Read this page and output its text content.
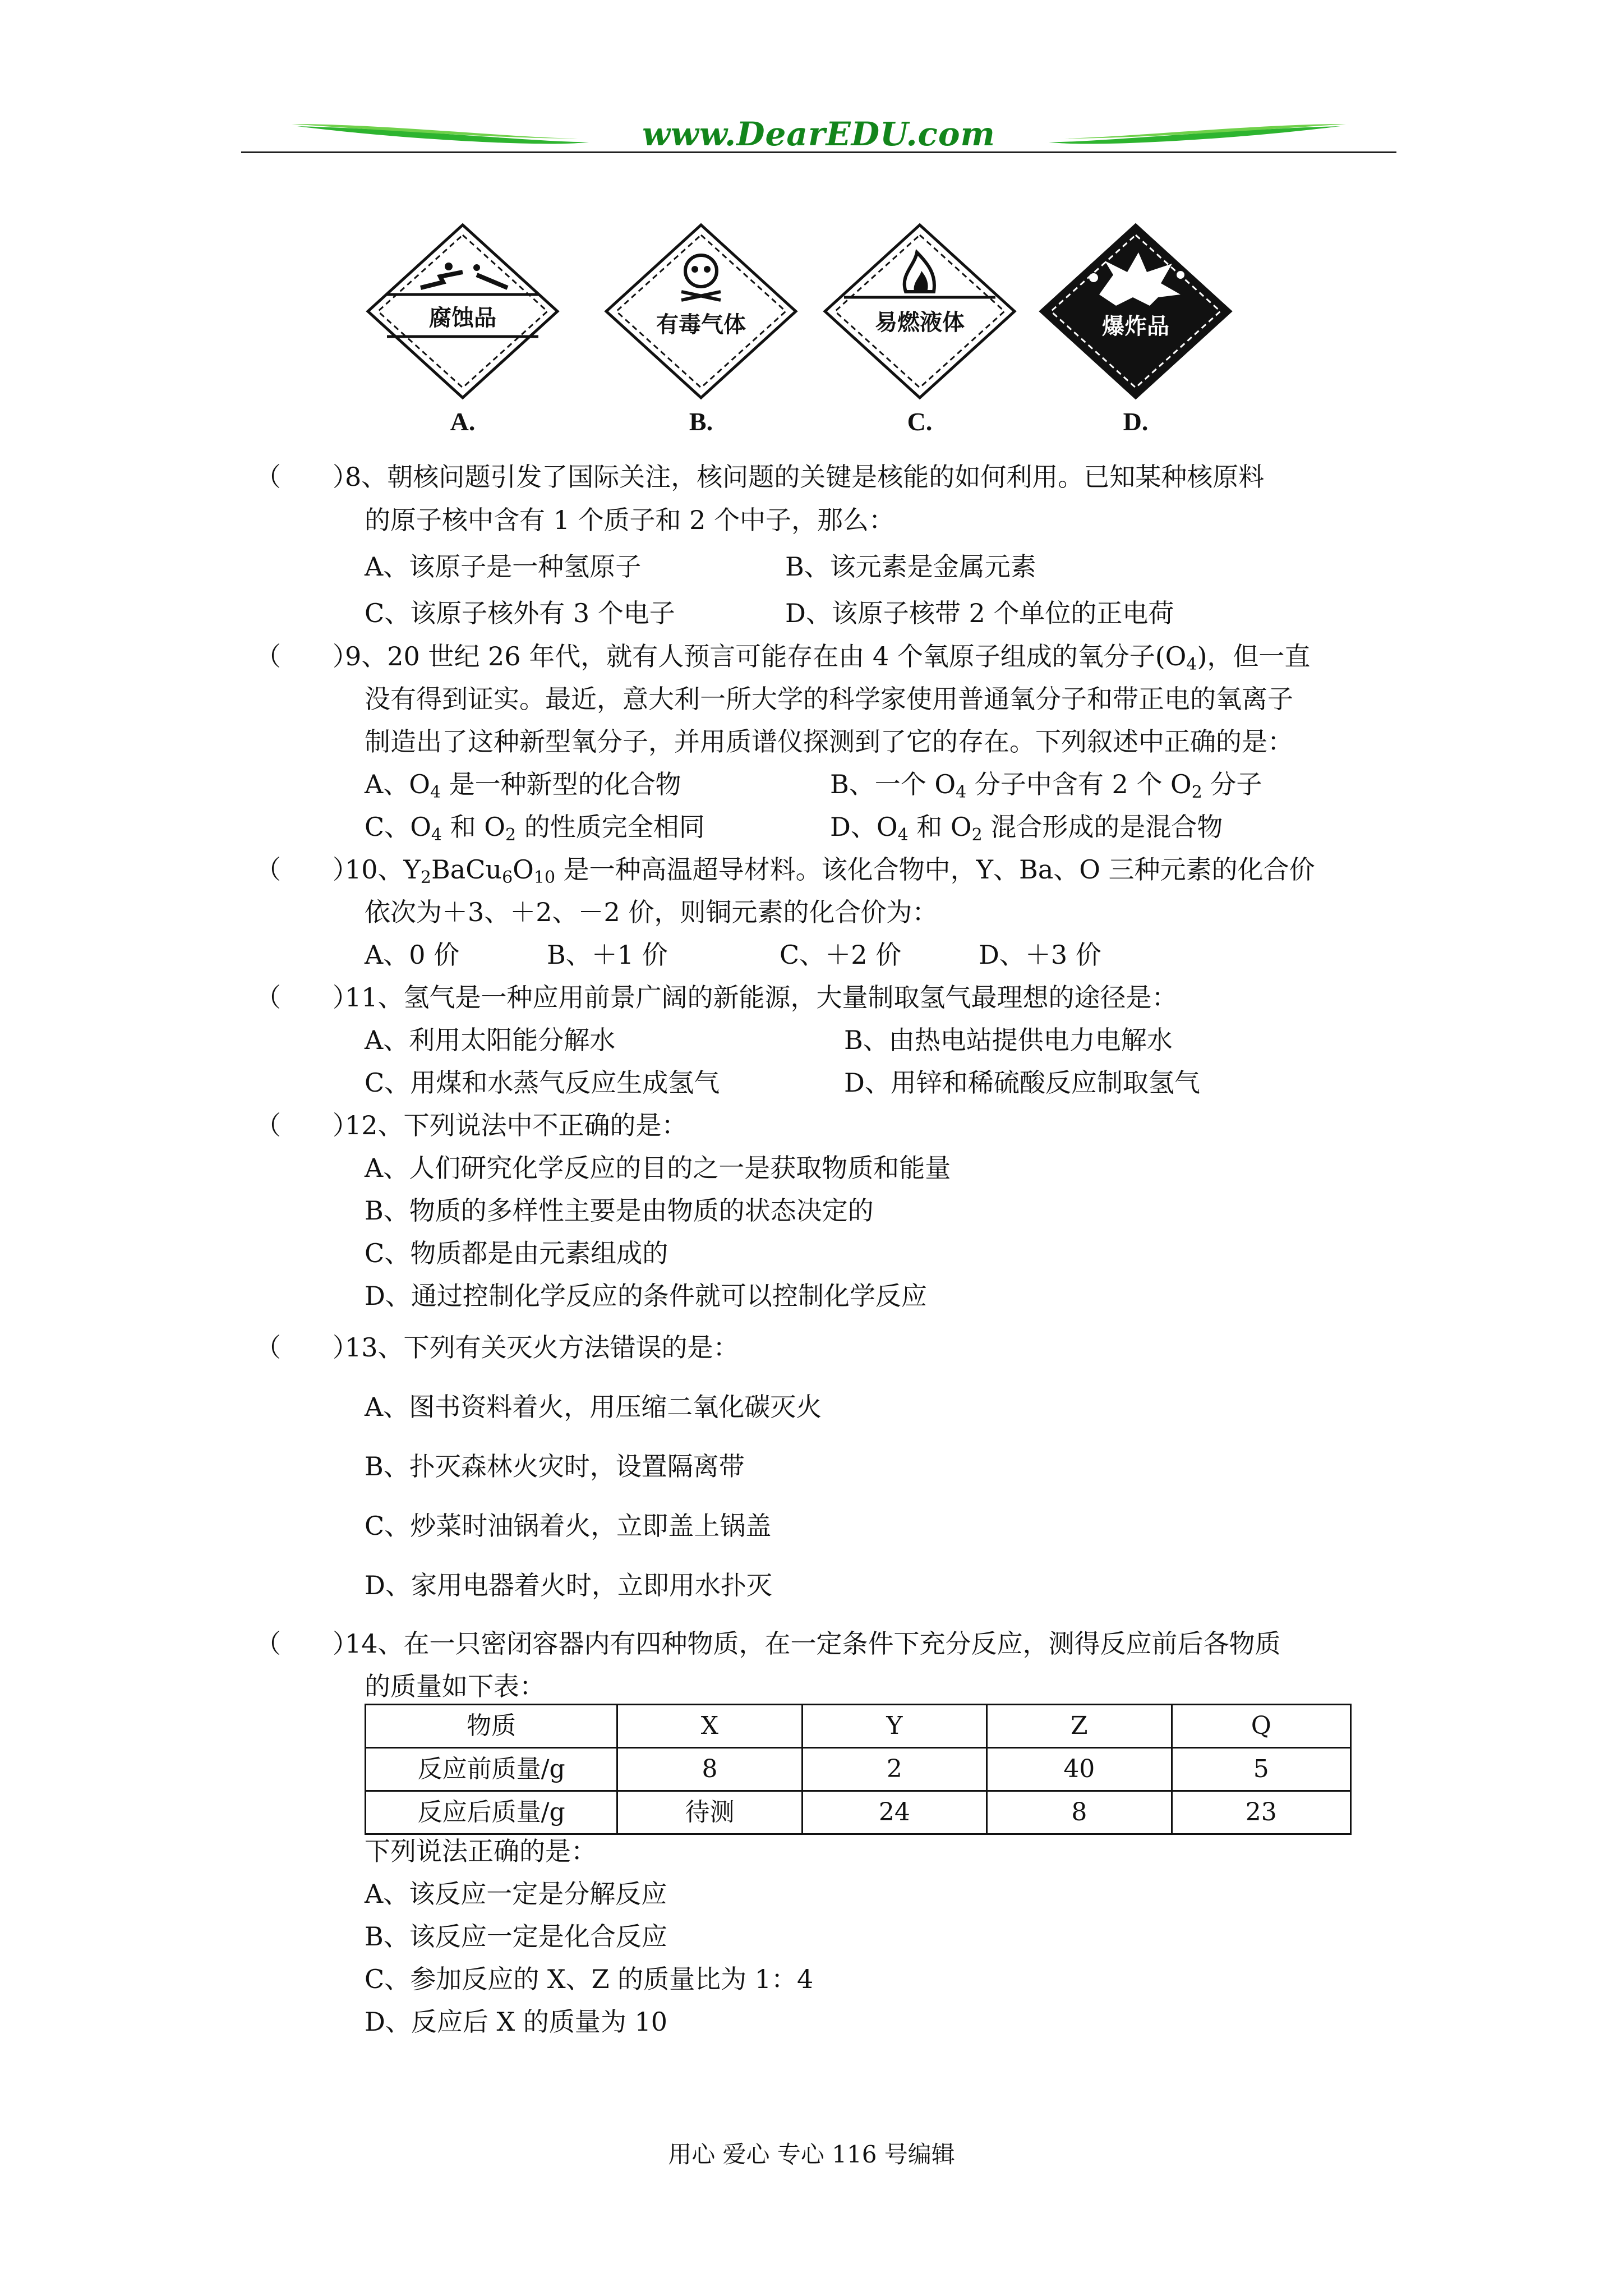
www.DearEDU.com
腐蚀品
A.
有毒气体
B.
易燃液体
C.
爆炸品
D.
（　　）
8、朝核问题引发了国际关注，核问题的关键是核能的如何利用。已知某种核原料
的原子核中含有 1 个质子和 2 个中子，那么：
A、该原子是一种氢原子	B、该元素是金属元素
C、该原子核外有 3 个电子	D、该原子核带 2 个单位的正电荷
（　　）
9、20 世纪 26 年代，就有人预言可能存在由 4 个氧原子组成的氧分子$(O_4)$，但一直
没有得到证实。最近，意大利一所大学的科学家使用普通氧分子和带正电的氧离子
制造出了这种新型氧分子，并用质谱仪探测到了它的存在。下列叙述中正确的是：
A、$O_4$ 是一种新型的化合物	B、一个 $O_4$ 分子中含有 2 个 $O_2$ 分子
C、$O_4$ 和 $O_2$ 的性质完全相同	D、$O_4$ 和 $O_2$ 混合形成的是混合物
（　　）
10、$Y_2BaCu_6O_{10}$ 是一种高温超导材料。该化合物中，Y、Ba、O 三种元素的化合价
依次为＋3、＋2、－2 价，则铜元素的化合价为：
A、0 价	B、＋1 价	C、＋2 价	D、＋3 价
（　　）
11、氢气是一种应用前景广阔的新能源，大量制取氢气最理想的途径是：
A、利用太阳能分解水	B、由热电站提供电力电解水
C、用煤和水蒸气反应生成氢气	D、用锌和稀硫酸反应制取氢气
（　　）
12、下列说法中不正确的是：
A、人们研究化学反应的目的之一是获取物质和能量
B、物质的多样性主要是由物质的状态决定的
C、物质都是由元素组成的
D、通过控制化学反应的条件就可以控制化学反应
（　　）
13、下列有关灭火方法错误的是：
A、图书资料着火，用压缩二氧化碳灭火
B、扑灭森林火灾时，设置隔离带
C、炒菜时油锅着火，立即盖上锅盖
D、家用电器着火时，立即用水扑灭
（　　）
14、在一只密闭容器内有四种物质，在一定条件下充分反应，测得反应前后各物质
的质量如下表：
物质	X	Y	Z	Q
反应前质量/g	8	2	40	5
反应后质量/g	待测	24	8	23
下列说法正确的是：
A、该反应一定是分解反应
B、该反应一定是化合反应
C、参加反应的 X、Z 的质量比为 1：4
D、反应后 X 的质量为 10
用心 爱心 专心 116 号编辑
